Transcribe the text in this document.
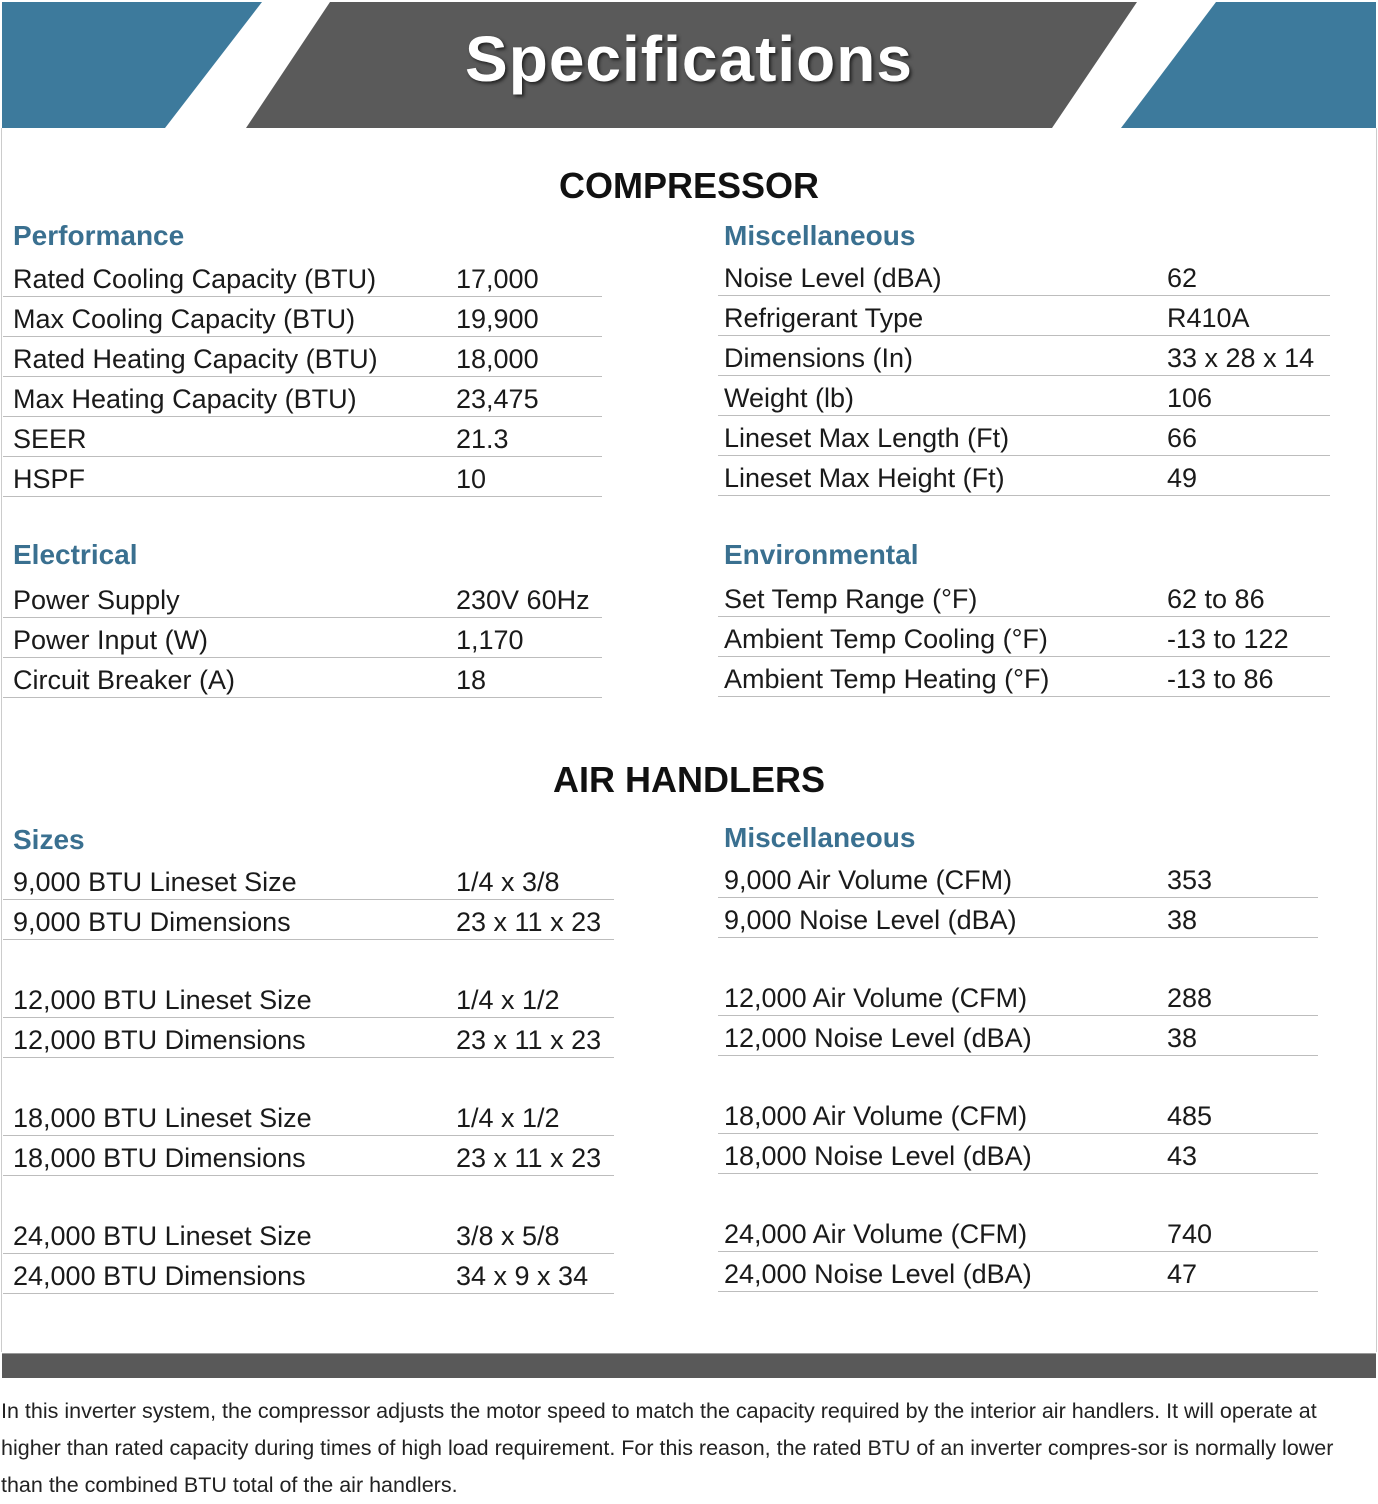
Specifications
COMPRESSOR
Performance
Rated Cooling Capacity (BTU)	17,000
Max Cooling Capacity (BTU)	19,900
Rated Heating Capacity (BTU)	18,000
Max Heating Capacity (BTU)	23,475
SEER	21.3
HSPF	10
Miscellaneous
Noise Level (dBA)	62
Refrigerant Type	R410A
Dimensions (In)	33 x 28 x 14
Weight (lb)	106
Lineset Max Length (Ft)	66
Lineset Max Height (Ft)	49
Electrical
Power Supply	230V 60Hz
Power Input (W)	1,170
Circuit Breaker (A)	18
Environmental
Set Temp Range (°F)	62 to 86
Ambient Temp Cooling (°F)	-13 to 122
Ambient Temp Heating (°F)	-13 to 86
AIR HANDLERS
Sizes
9,000 BTU Lineset Size	1/4 x 3/8
9,000 BTU Dimensions	23 x 11 x 23
12,000 BTU Lineset Size	1/4 x 1/2
12,000 BTU Dimensions	23 x 11 x 23
18,000 BTU Lineset Size	1/4 x 1/2
18,000 BTU Dimensions	23 x 11 x 23
24,000 BTU Lineset Size	3/8 x 5/8
24,000 BTU Dimensions	34 x 9 x 34
Miscellaneous
9,000 Air Volume (CFM)	353
9,000 Noise Level (dBA)	38
12,000 Air Volume (CFM)	288
12,000 Noise Level (dBA)	38
18,000 Air Volume (CFM)	485
18,000 Noise Level (dBA)	43
24,000 Air Volume (CFM)	740
24,000 Noise Level (dBA)	47
In this inverter system, the compressor adjusts the motor speed to match the capacity required by the interior air handlers. It will operate at higher than rated capacity during times of high load requirement. For this reason, the rated BTU of an inverter compres-sor is normally lower than the combined BTU total of the air handlers.
